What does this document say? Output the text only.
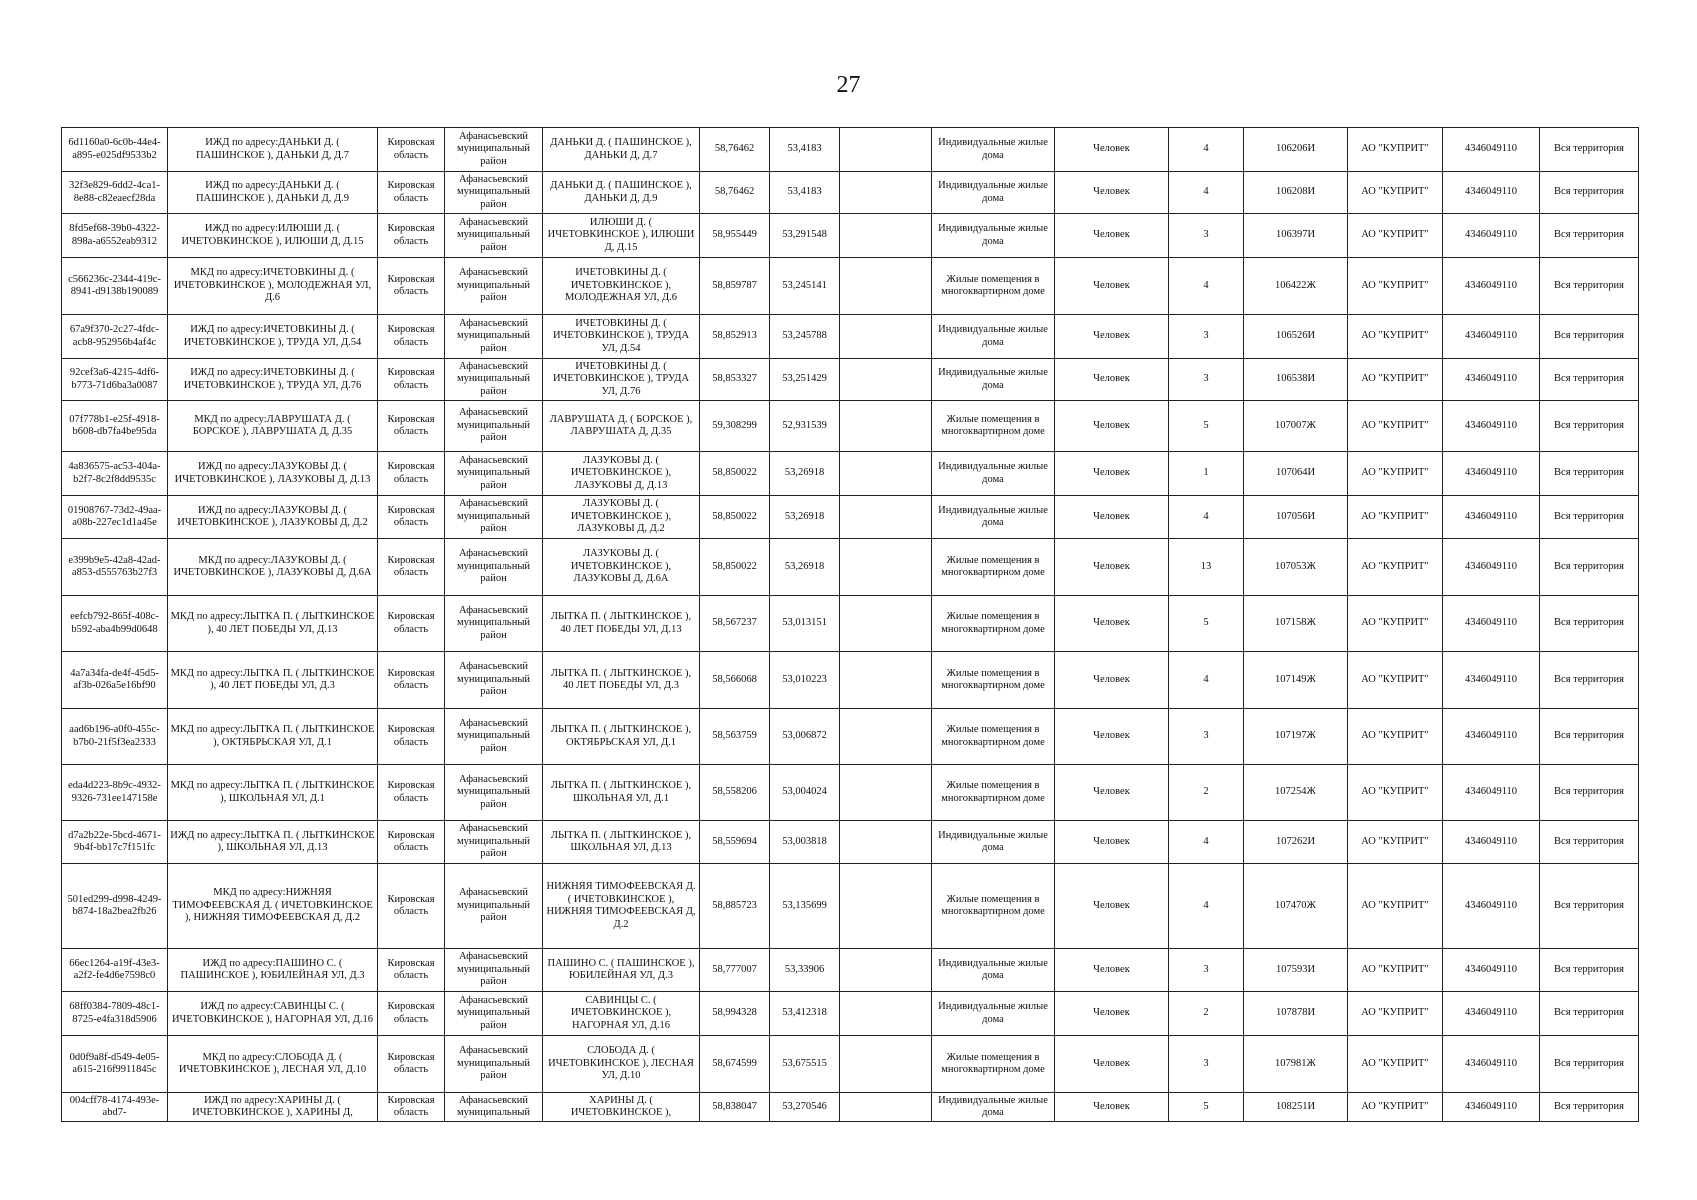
27
6d1160a0-6c0b-44e4-a895-e025df9533b2	ИЖД по адресу:ДАНЬКИ Д. ( ПАШИНСКОЕ ), ДАНЬКИ Д, Д.7	Кировская область	Афанасьевский муниципальный район	ДАНЬКИ Д. ( ПАШИНСКОЕ ), ДАНЬКИ Д, Д.7	58,76462	53,4183		Индивидуальные жилые дома	Человек	4	106206И	АО "КУПРИТ"	4346049110	Вся территория
32f3e829-6dd2-4ca1-8e88-c82eaecf28da	ИЖД по адресу:ДАНЬКИ Д. ( ПАШИНСКОЕ ), ДАНЬКИ Д, Д.9	Кировская область	Афанасьевский муниципальный район	ДАНЬКИ Д. ( ПАШИНСКОЕ ), ДАНЬКИ Д, Д.9	58,76462	53,4183		Индивидуальные жилые дома	Человек	4	106208И	АО "КУПРИТ"	4346049110	Вся территория
8fd5ef68-39b0-4322-898a-a6552eab9312	ИЖД по адресу:ИЛЮШИ Д. ( ИЧЕТОВКИНСКОЕ ), ИЛЮШИ Д, Д.15	Кировская область	Афанасьевский муниципальный район	ИЛЮШИ Д. ( ИЧЕТОВКИНСКОЕ ), ИЛЮШИ Д, Д.15	58,955449	53,291548		Индивидуальные жилые дома	Человек	3	106397И	АО "КУПРИТ"	4346049110	Вся территория
c566236c-2344-419c-8941-d9138b190089	МКД по адресу:ИЧЕТОВКИНЫ Д. ( ИЧЕТОВКИНСКОЕ ), МОЛОДЕЖНАЯ УЛ, Д.6	Кировская область	Афанасьевский муниципальный район	ИЧЕТОВКИНЫ Д. ( ИЧЕТОВКИНСКОЕ ), МОЛОДЕЖНАЯ УЛ, Д.6	58,859787	53,245141		Жилые помещения в многоквартирном доме	Человек	4	106422Ж	АО "КУПРИТ"	4346049110	Вся территория
67a9f370-2c27-4fdc-acb8-952956b4af4c	ИЖД по адресу:ИЧЕТОВКИНЫ Д. ( ИЧЕТОВКИНСКОЕ ), ТРУДА УЛ, Д.54	Кировская область	Афанасьевский муниципальный район	ИЧЕТОВКИНЫ Д. ( ИЧЕТОВКИНСКОЕ ), ТРУДА УЛ, Д.54	58,852913	53,245788		Индивидуальные жилые дома	Человек	3	106526И	АО "КУПРИТ"	4346049110	Вся территория
92cef3a6-4215-4df6-b773-71d6ba3a0087	ИЖД по адресу:ИЧЕТОВКИНЫ Д. ( ИЧЕТОВКИНСКОЕ ), ТРУДА УЛ, Д.76	Кировская область	Афанасьевский муниципальный район	ИЧЕТОВКИНЫ Д. ( ИЧЕТОВКИНСКОЕ ), ТРУДА УЛ, Д.76	58,853327	53,251429		Индивидуальные жилые дома	Человек	3	106538И	АО "КУПРИТ"	4346049110	Вся территория
07f778b1-e25f-4918-b608-db7fa4be95da	МКД по адресу:ЛАВРУШАТА Д. ( БОРСКОЕ ), ЛАВРУШАТА Д, Д.35	Кировская область	Афанасьевский муниципальный район	ЛАВРУШАТА Д. ( БОРСКОЕ ), ЛАВРУШАТА Д, Д.35	59,308299	52,931539		Жилые помещения в многоквартирном доме	Человек	5	107007Ж	АО "КУПРИТ"	4346049110	Вся территория
4a836575-ac53-404a-b2f7-8c2f8dd9535c	ИЖД по адресу:ЛАЗУКОВЫ Д. ( ИЧЕТОВКИНСКОЕ ), ЛАЗУКОВЫ Д, Д.13	Кировская область	Афанасьевский муниципальный район	ЛАЗУКОВЫ Д. ( ИЧЕТОВКИНСКОЕ ), ЛАЗУКОВЫ Д, Д.13	58,850022	53,26918		Индивидуальные жилые дома	Человек	1	107064И	АО "КУПРИТ"	4346049110	Вся территория
01908767-73d2-49aa-a08b-227ec1d1a45e	ИЖД по адресу:ЛАЗУКОВЫ Д. ( ИЧЕТОВКИНСКОЕ ), ЛАЗУКОВЫ Д, Д.2	Кировская область	Афанасьевский муниципальный район	ЛАЗУКОВЫ Д. ( ИЧЕТОВКИНСКОЕ ), ЛАЗУКОВЫ Д, Д.2	58,850022	53,26918		Индивидуальные жилые дома	Человек	4	107056И	АО "КУПРИТ"	4346049110	Вся территория
e399b9e5-42a8-42ad-a853-d555763b27f3	МКД по адресу:ЛАЗУКОВЫ Д. ( ИЧЕТОВКИНСКОЕ ), ЛАЗУКОВЫ Д, Д.6А	Кировская область	Афанасьевский муниципальный район	ЛАЗУКОВЫ Д. ( ИЧЕТОВКИНСКОЕ ), ЛАЗУКОВЫ Д, Д.6А	58,850022	53,26918		Жилые помещения в многоквартирном доме	Человек	13	107053Ж	АО "КУПРИТ"	4346049110	Вся территория
eefcb792-865f-408c-b592-aba4b99d0648	МКД по адресу:ЛЫТКА П. ( ЛЫТКИНСКОЕ ), 40 ЛЕТ ПОБЕДЫ УЛ, Д.13	Кировская область	Афанасьевский муниципальный район	ЛЫТКА П. ( ЛЫТКИНСКОЕ ), 40 ЛЕТ ПОБЕДЫ УЛ, Д.13	58,567237	53,013151		Жилые помещения в многоквартирном доме	Человек	5	107158Ж	АО "КУПРИТ"	4346049110	Вся территория
4a7a34fa-de4f-45d5-af3b-026a5e16bf90	МКД по адресу:ЛЫТКА П. ( ЛЫТКИНСКОЕ ), 40 ЛЕТ ПОБЕДЫ УЛ, Д.3	Кировская область	Афанасьевский муниципальный район	ЛЫТКА П. ( ЛЫТКИНСКОЕ ), 40 ЛЕТ ПОБЕДЫ УЛ, Д.3	58,566068	53,010223		Жилые помещения в многоквартирном доме	Человек	4	107149Ж	АО "КУПРИТ"	4346049110	Вся территория
aad6b196-a0f0-455c-b7b0-21f5f3ea2333	МКД по адресу:ЛЫТКА П. ( ЛЫТКИНСКОЕ ), ОКТЯБРЬСКАЯ УЛ, Д.1	Кировская область	Афанасьевский муниципальный район	ЛЫТКА П. ( ЛЫТКИНСКОЕ ), ОКТЯБРЬСКАЯ УЛ, Д.1	58,563759	53,006872		Жилые помещения в многоквартирном доме	Человек	3	107197Ж	АО "КУПРИТ"	4346049110	Вся территория
eda4d223-8b9c-4932-9326-731ee147158e	МКД по адресу:ЛЫТКА П. ( ЛЫТКИНСКОЕ ), ШКОЛЬНАЯ УЛ, Д.1	Кировская область	Афанасьевский муниципальный район	ЛЫТКА П. ( ЛЫТКИНСКОЕ ), ШКОЛЬНАЯ УЛ, Д.1	58,558206	53,004024		Жилые помещения в многоквартирном доме	Человек	2	107254Ж	АО "КУПРИТ"	4346049110	Вся территория
d7a2b22e-5bcd-4671-9b4f-bb17c7f151fc	ИЖД по адресу:ЛЫТКА П. ( ЛЫТКИНСКОЕ ), ШКОЛЬНАЯ УЛ, Д.13	Кировская область	Афанасьевский муниципальный район	ЛЫТКА П. ( ЛЫТКИНСКОЕ ), ШКОЛЬНАЯ УЛ, Д.13	58,559694	53,003818		Индивидуальные жилые дома	Человек	4	107262И	АО "КУПРИТ"	4346049110	Вся территория
501ed299-d998-4249-b874-18a2bea2fb26	МКД по адресу:НИЖНЯЯ ТИМОФЕЕВСКАЯ Д. ( ИЧЕТОВКИНСКОЕ ), НИЖНЯЯ ТИМОФЕЕВСКАЯ Д, Д.2	Кировская область	Афанасьевский муниципальный район	НИЖНЯЯ ТИМОФЕЕВСКАЯ Д. ( ИЧЕТОВКИНСКОЕ ), НИЖНЯЯ ТИМОФЕЕВСКАЯ Д, Д.2	58,885723	53,135699		Жилые помещения в многоквартирном доме	Человек	4	107470Ж	АО "КУПРИТ"	4346049110	Вся территория
66ec1264-a19f-43e3-a2f2-fe4d6e7598c0	ИЖД по адресу:ПАШИНО С. ( ПАШИНСКОЕ ), ЮБИЛЕЙНАЯ УЛ, Д.3	Кировская область	Афанасьевский муниципальный район	ПАШИНО С. ( ПАШИНСКОЕ ), ЮБИЛЕЙНАЯ УЛ, Д.3	58,777007	53,33906		Индивидуальные жилые дома	Человек	3	107593И	АО "КУПРИТ"	4346049110	Вся территория
68ff0384-7809-48c1-8725-e4fa318d5906	ИЖД по адресу:САВИНЦЫ С. ( ИЧЕТОВКИНСКОЕ ), НАГОРНАЯ УЛ, Д.16	Кировская область	Афанасьевский муниципальный район	САВИНЦЫ С. ( ИЧЕТОВКИНСКОЕ ), НАГОРНАЯ УЛ, Д.16	58,994328	53,412318		Индивидуальные жилые дома	Человек	2	107878И	АО "КУПРИТ"	4346049110	Вся территория
0d0f9a8f-d549-4e05-a615-216f9911845c	МКД по адресу:СЛОБОДА Д. ( ИЧЕТОВКИНСКОЕ ), ЛЕСНАЯ УЛ, Д.10	Кировская область	Афанасьевский муниципальный район	СЛОБОДА Д. ( ИЧЕТОВКИНСКОЕ ), ЛЕСНАЯ УЛ, Д.10	58,674599	53,675515		Жилые помещения в многоквартирном доме	Человек	3	107981Ж	АО "КУПРИТ"	4346049110	Вся территория
004cff78-4174-493e-abd7-	ИЖД по адресу:ХАРИНЫ Д. ( ИЧЕТОВКИНСКОЕ ), ХАРИНЫ Д,	Кировская область	Афанасьевский муниципальный	ХАРИНЫ Д. ( ИЧЕТОВКИНСКОЕ ),	58,838047	53,270546		Индивидуальные жилые дома	Человек	5	108251И	АО "КУПРИТ"	4346049110	Вся территория
